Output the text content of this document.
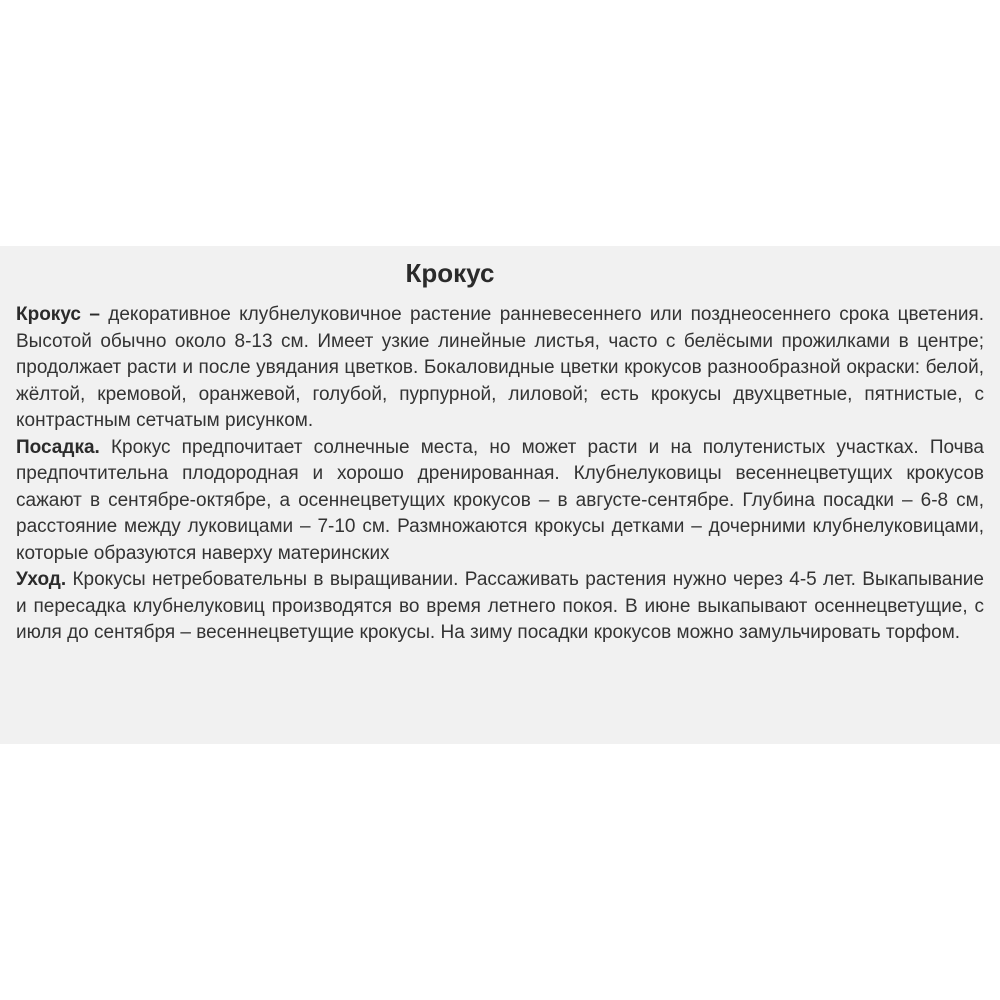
Крокус

Крокус – декоративное клубнелуковичное растение ранневесеннего или позднеосеннего срока цветения. Высотой обычно около 8-13 см. Имеет узкие линейные листья, часто с белёсыми прожилками в центре; продолжает расти и после увядания цветков. Бокаловидные цветки крокусов разнообразной окраски: белой, жёлтой, кремовой, оранжевой, голубой, пурпурной, лиловой; есть крокусы двухцветные, пятнистые, с контрастным сетчатым рисунком.

Посадка. Крокус предпочитает солнечные места, но может расти и на полутенистых участках. Почва предпочтительна плодородная и хорошо дренированная. Клубнелуковицы весеннецветущих крокусов сажают в сентябре-октябре, а осеннецветущих крокусов – в августе-сентябре. Глубина посадки – 6-8 см, расстояние между луковицами – 7-10 см. Размножаются крокусы детками – дочерними клубнелуковицами, которые образуются наверху материнских

Уход. Крокусы нетребовательны в выращивании. Рассаживать растения нужно через 4-5 лет. Выкапывание и пересадка клубнелуковиц производятся во время летнего покоя. В июне выкапывают осеннецветущие, с июля до сентября – весеннецветущие крокусы. На зиму посадки крокусов можно замульчировать торфом.
